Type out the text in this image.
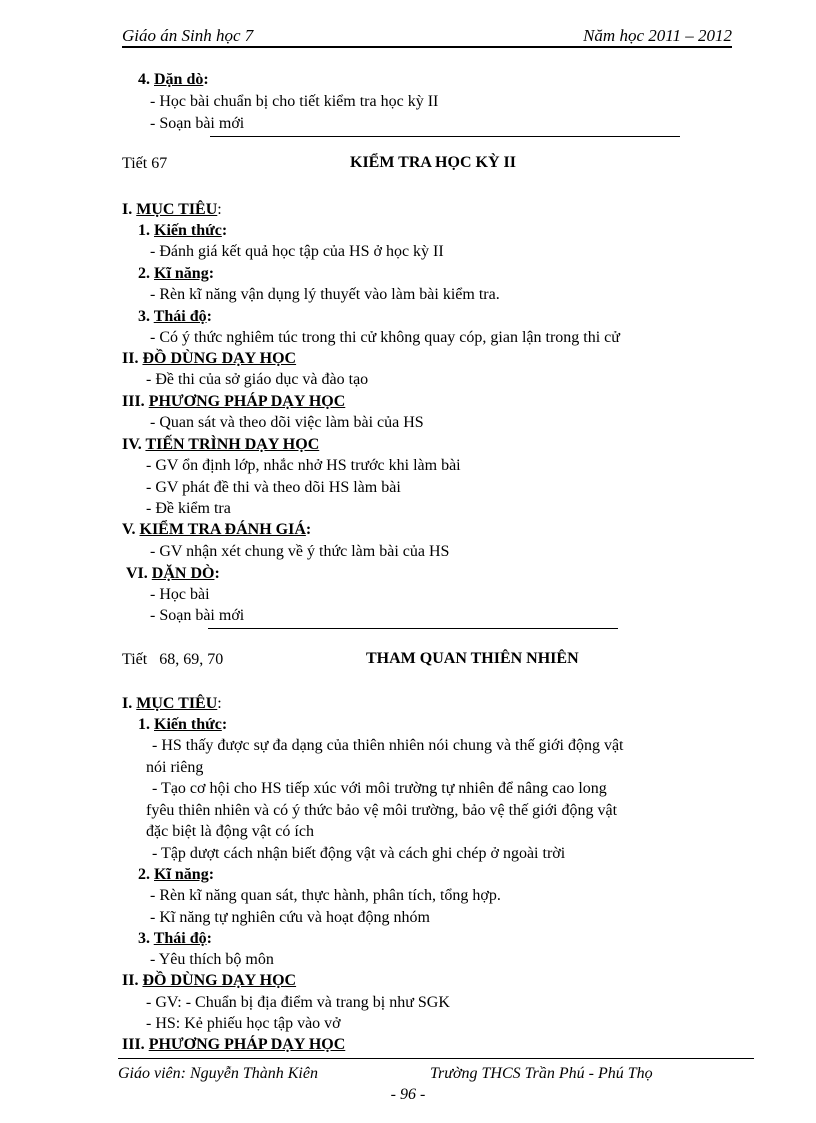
Giáo án Sinh học 7	Năm học 2011 – 2012
4. Dặn dò:
- Học bài chuẩn bị cho tiết kiểm tra học kỳ II
- Soạn bài mới
Tiết 67	KIỂM TRA HỌC KỲ II
I. MỤC TIÊU:
1. Kiến thức:
- Đánh giá kết quả học tập của HS ở học kỳ II
2. Kĩ năng:
- Rèn kĩ năng vận dụng lý thuyết vào làm bài kiểm tra.
3. Thái độ:
- Có ý thức nghiêm túc trong thi cử không quay cóp, gian lận trong thi cử
II. ĐỒ DÙNG DẠY HỌC
- Đề thi của sở giáo dục và đào tạo
III. PHƯƠNG PHÁP DẠY HỌC
- Quan sát và theo dõi việc làm bài của HS
IV. TIẾN TRÌNH DẠY HỌC
- GV ổn định lớp, nhắc nhở HS trước khi làm bài
- GV phát đề thi và theo dõi HS làm bài
- Đề kiểm tra
V. KIỂM TRA ĐÁNH GIÁ:
- GV nhận xét chung về ý thức làm bài của HS
VI. DẶN DÒ:
- Học bài
- Soạn bài mới
Tiết 68, 69, 70	THAM QUAN THIÊN NHIÊN
I. MỤC TIÊU:
1. Kiến thức:
- HS thấy được sự đa dạng của thiên nhiên nói chung và thế giới động vật
nói riêng
- Tạo cơ hội cho HS tiếp xúc với môi trường tự nhiên để nâng cao long
fyêu thiên nhiên và có ý thức bảo vệ môi trường, bảo vệ thế giới động vật
đặc biệt là động vật có ích
- Tập dượt cách nhận biết động vật và cách ghi chép ở ngoài trời
2. Kĩ năng:
- Rèn kĩ năng quan sát, thực hành, phân tích, tổng hợp.
- Kĩ năng tự nghiên cứu và hoạt động nhóm
3. Thái độ:
- Yêu thích bộ môn
II. ĐỒ DÙNG DẠY HỌC
- GV: - Chuẩn bị địa điểm và trang bị như SGK
- HS: Kẻ phiếu học tập vào vở
III. PHƯƠNG PHÁP DẠY HỌC
Giáo viên: Nguyễn Thành Kiên	Trường THCS Trần Phú - Phú Thọ
- 96 -
